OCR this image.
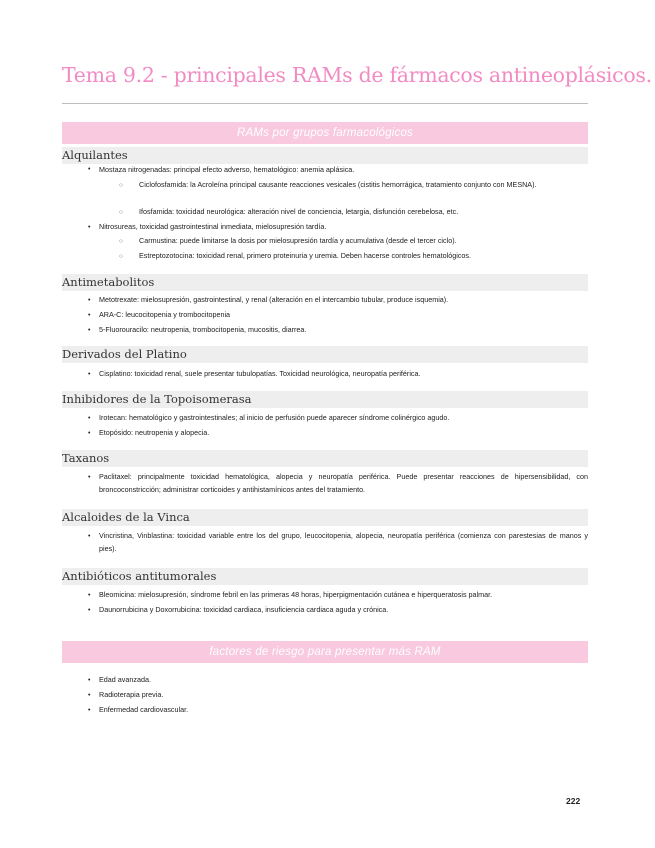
Tema 9.2 - principales RAMs de fármacos antineoplásicos.
RAMs por grupos farmacológicos
Alquilantes
• Mostaza nitrogenadas: principal efecto adverso, hematológico: anemia aplásica.
○ Ciclofosfamida: la Acroleína principal causante reacciones vesicales (cistitis hemorrágica, tratamiento conjunto con MESNA).
○ Ifosfamida: toxicidad neurológica: alteración nivel de conciencia, letargia, disfunción cerebelosa, etc.
• Nitrosureas, toxicidad gastrointestinal inmediata, mielosupresión tardía.
○ Carmustina: puede limitarse la dosis por mielosupresión tardía y acumulativa (desde el tercer ciclo).
○ Estreptozotocina: toxicidad renal, primero proteinuria y uremia. Deben hacerse controles hematológicos.
Antimetabolitos
• Metotrexate: mielosupresión, gastrointestinal, y renal (alteración en el intercambio tubular, produce isquemia).
• ARA-C: leucocitopenia y trombocitopenia
• 5-Fluorouracilo: neutropenia, trombocitopenia, mucositis, diarrea.
Derivados del Platino
• Cisplatino: toxicidad renal, suele presentar tubulopatías. Toxicidad neurológica, neuropatía periférica.
Inhibidores de la Topoisomerasa
• Irotecan: hematológico y gastrointestinales; al inicio de perfusión puede aparecer síndrome colinérgico agudo.
• Etopósido: neutropenia y alopecia.
Taxanos
• Paclitaxel: principalmente toxicidad hematológica, alopecia y neuropatía periférica. Puede presentar reacciones de hipersensibilidad, con broncoconstricción; administrar corticoides y antihistamínicos antes del tratamiento.
Alcaloides de la Vinca
• Vincristina, Vinblastina: toxicidad variable entre los del grupo, leucocitopenia, alopecia, neuropatía periférica (comienza con parestesias de manos y pies).
Antibióticos antitumorales
• Bleomicina: mielosupresión, síndrome febril en las primeras 48 horas, hiperpigmentación cutánea e hiperqueratosis palmar.
• Daunorrubicina y Doxorrubicina: toxicidad cardiaca, insuficiencia cardiaca aguda y crónica.
factores de riesgo para presentar más RAM
• Edad avanzada.
• Radioterapia previa.
• Enfermedad cardiovascular.
222
